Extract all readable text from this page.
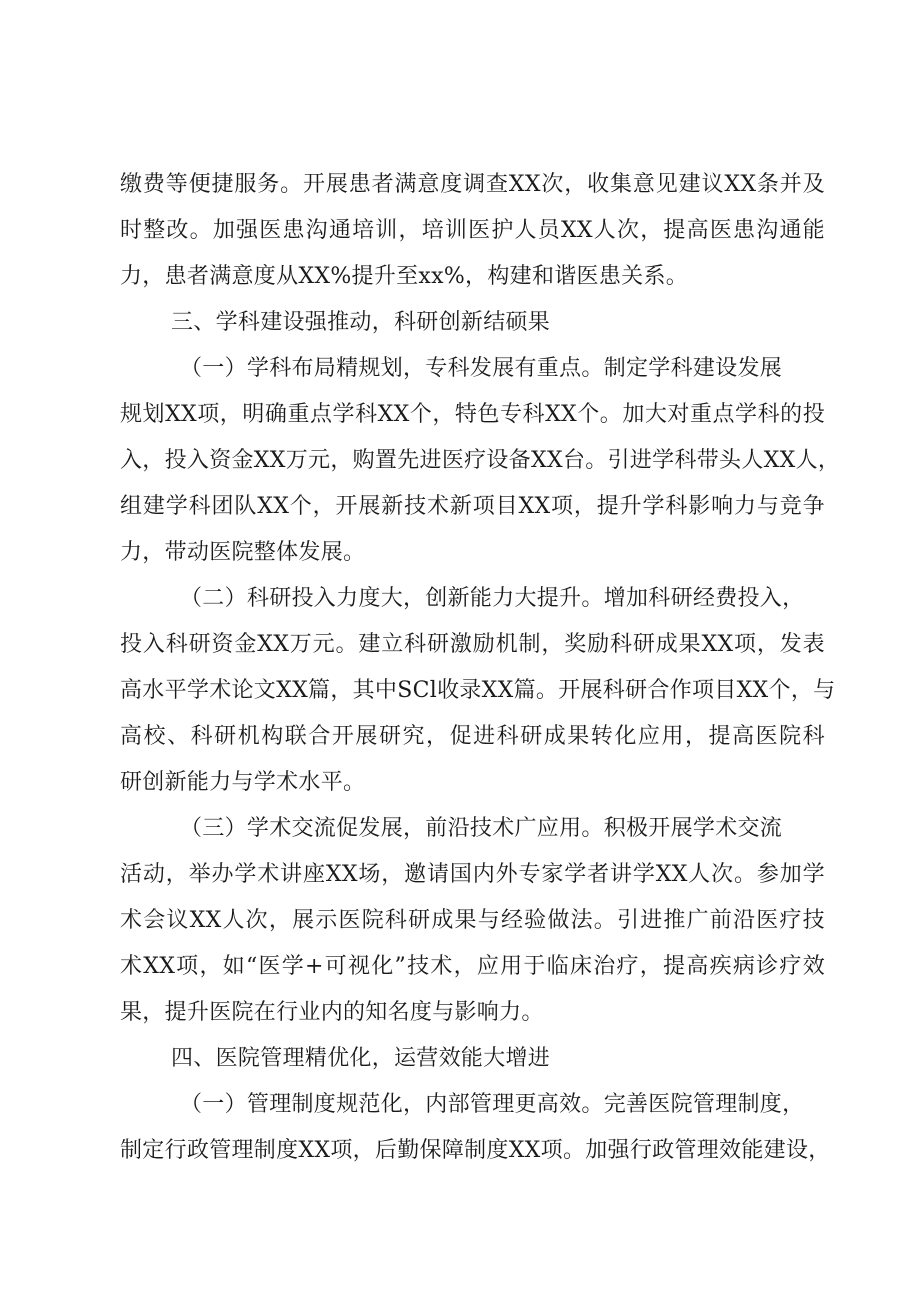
缴费等便捷服务。开展患者满意度调查XX次，收集意见建议XX条并及
时整改。加强医患沟通培训，培训医护人员XX人次，提高医患沟通能
力，患者满意度从XX%提升至xx%，构建和谐医患关系。
三、学科建设强推动，科研创新结硕果
（一）学科布局精规划，专科发展有重点。制定学科建设发展
规划XX项，明确重点学科XX个，特色专科XX个。加大对重点学科的投
入，投入资金XX万元，购置先进医疗设备XX台。引进学科带头人XX人，
组建学科团队XX个，开展新技术新项目XX项，提升学科影响力与竞争
力，带动医院整体发展。
（二）科研投入力度大，创新能力大提升。增加科研经费投入，
投入科研资金XX万元。建立科研激励机制，奖励科研成果XX项，发表
高水平学术论文XX篇，其中SCl收录XX篇。开展科研合作项目XX个，与
高校、科研机构联合开展研究，促进科研成果转化应用，提高医院科
研创新能力与学术水平。
（三）学术交流促发展，前沿技术广应用。积极开展学术交流
活动，举办学术讲座XX场，邀请国内外专家学者讲学XX人次。参加学
术会议XX人次，展示医院科研成果与经验做法。引进推广前沿医疗技
术XX项，如“医学+可视化”技术，应用于临床治疗，提高疾病诊疗效
果，提升医院在行业内的知名度与影响力。
四、医院管理精优化，运营效能大增进
（一）管理制度规范化，内部管理更高效。完善医院管理制度，
制定行政管理制度XX项，后勤保障制度XX项。加强行政管理效能建设，
